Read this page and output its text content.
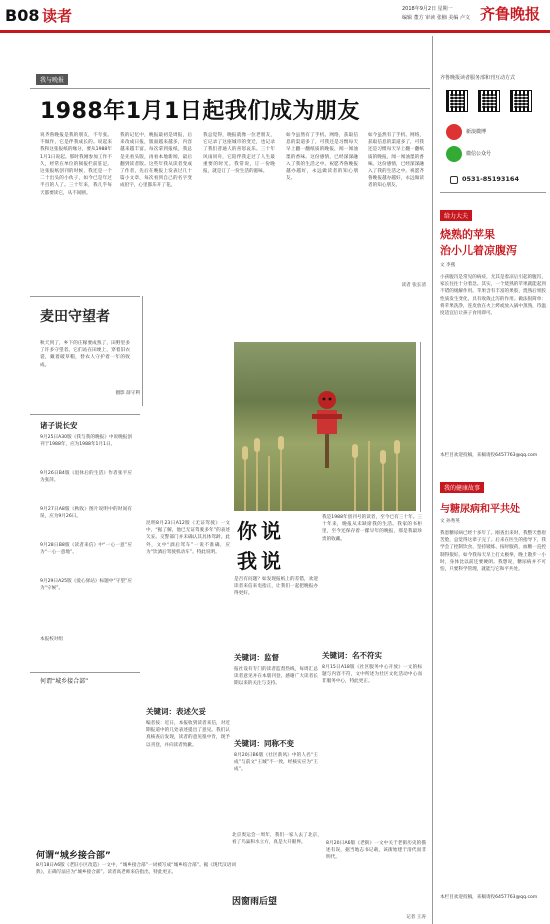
B08 读者	2018年9月2日 星期一
编辑 董方 审读 张楠 美编 卢文 齐鲁晚报
我与晚报
1988年1月1日起我们成为朋友
说齐鲁晚报是我的朋友，不夸张。不做作，它是伴我成长的。说起来我和这张报纸的缘分，要从1988年1月1日说起。那时我刚参加工作不久，经常在单位的阅报栏前驻足。这张报纸创刊的时候，我还是一个二十出头的小伙子，如今已是年过半百的人了。三十年来，我几乎每天都要读它，从不间断。
我的记忆中，晚报最初是周报，后来改成日报，版面越来越多，内容越来越丰富。每次拿到报纸，我总是先看头版，再看本地新闻，最后翻到读者版。这些年我从读者变成了作者，先后在晚报上发表过几十篇小文章，每次看到自己的名字变成铅字，心里都乐开了花。
我总觉得，晚报就像一位老朋友，它记录了这座城市的变迁，也记录了我们普通人的喜怒哀乐。三十年风雨同舟，它陪伴我走过了人生最重要的时光。我常说，订一份晚报，就是订了一份生活的滋味。
如今虽然有了手机、网络，获取信息的渠道多了，可我还是习惯每天早上翻一翻纸质的晚报，闻一闻油墨的香味。这份感情，已经深深融入了我的生活之中。祝愿齐鲁晚报越办越好，永远做读者的知心朋友。
如今虽然有了手机、网络，获取信息的渠道多了，可我还是习惯每天早上翻一翻纸质的晚报，闻一闻油墨的香味。这份感情，已经深深融入了我的生活之中。祝愿齐鲁晚报越办越好，永远做读者的知心朋友。
读者 张长清
麦田守望者
秋天到了，乡下的庄稼要成熟了，田野里多了许多守望者。它们站在田埂上，穿着旧衣裳，戴着破草帽，替农人守护着一年的收成。
摄影 薛守利
诸子说长安
9月25日A30版《我与我的晚报》中说晚报创刊于1988年，应为1988年1月1日。
9月26日B4版《退休后的生活》作者张平应为张萍。
9月27日A8版《秋收》图片说明中的时间有误，应为9月26日。
9月28日B8版《读者来信》中“一心一意”应为“一心一意地”。
9月29日A25版《爱心驿站》标题中“守望”应为“守候”。
本报校对组
何谓“城乡接合部”
何谓“城乡接合部”
8月18日A6版《老旧小区改造》一文中，“城乡接合部”一词被写成“城乡结合部”。据《现代汉语词典》，正确写法应为“城乡接合部”。读者高老师来信指出，特此更正。
昆明8月23日A12版《无证驾驶》一文中，“据了解，他已无证驾驶多年”的表述欠妥。交警部门并未确认其具体驾龄。此外，文中“酒后驾车”一说不准确，应为“饮酒后驾驶机动车”。特此说明。
关键词：表述欠妥
编者按：近日，本报收到读者来信，对近期报道中的几处表述提出了意见。我们认真核查后发现，读者的意见很中肯，现予以刊登，并向读者致歉。
你 说
我 说
是否有问题？如发现报纸上的差错，欢迎读者来信来电指正，让我们一起把晚报办得更好。
关键词：监督
报社设有专门的读者监督热线，每周汇总读者意见并在本版刊登，感谢广大读者长期以来的关注与支持。
关键词：同称不变
8月20日B6版《社区新风》中的人名“王成”与前文“王城”不一致，经核实应为“王成”。
我是1988年创刊号的读者，至今已有三十年。三十年来，晚报从未缺席我的生活。我家的书柜里，至今还保存着一摞早年的晚报，那是我最珍贵的收藏。
关键词：名不符实
8月15日A18版《社区服务中心开放》一文的标题与内容不符，文中所述为社区文化活动中心而非服务中心，特此更正。
北京奥运会一周年，我们一家人去了北京，看了鸟巢和水立方，真是大开眼界。
因窗雨后望
8月20日A6版《老街》一文中关于老街历史的描述有误，据当地志书记载，该街始建于清代而非明代。
记者 王涛
齐鲁晚报读者服务部和刊互动方式
新浪微博
微信公众号
0531-85193164
给力大夫
烧熟的苹果
治小儿着凉腹泻
文 李燕
小孩腹泻是常见的病症，尤其是着凉后引起的腹泻，家长往往十分着急。其实，一个烧熟的苹果就能起到不错的缓解作用。苹果含有丰富的果胶，烧熟后果胶性质发生变化，具有收敛止泻的作用。做法很简单：将苹果洗净，连皮放在火上烤或放入锅中蒸熟，待温度适宜后让孩子食用即可。
本栏目欢迎投稿，来稿请投6457763@qq.com
我的健康故事
与糖尿病和平共处
文 孙秀英
我患糖尿病已经十多年了。刚查出来时，我整天愁眉苦脸，总觉得这辈子完了。后来在医生的指导下，我学会了控制饮食、坚持锻炼、按时服药，血糖一直控制得很好。如今我每天早上打太极拳，晚上散步一小时，身体比以前还要硬朗。我想说，糖尿病并不可怕，只要科学管理，就能与它和平共处。
本栏目欢迎投稿，来稿请投6457763@qq.com
